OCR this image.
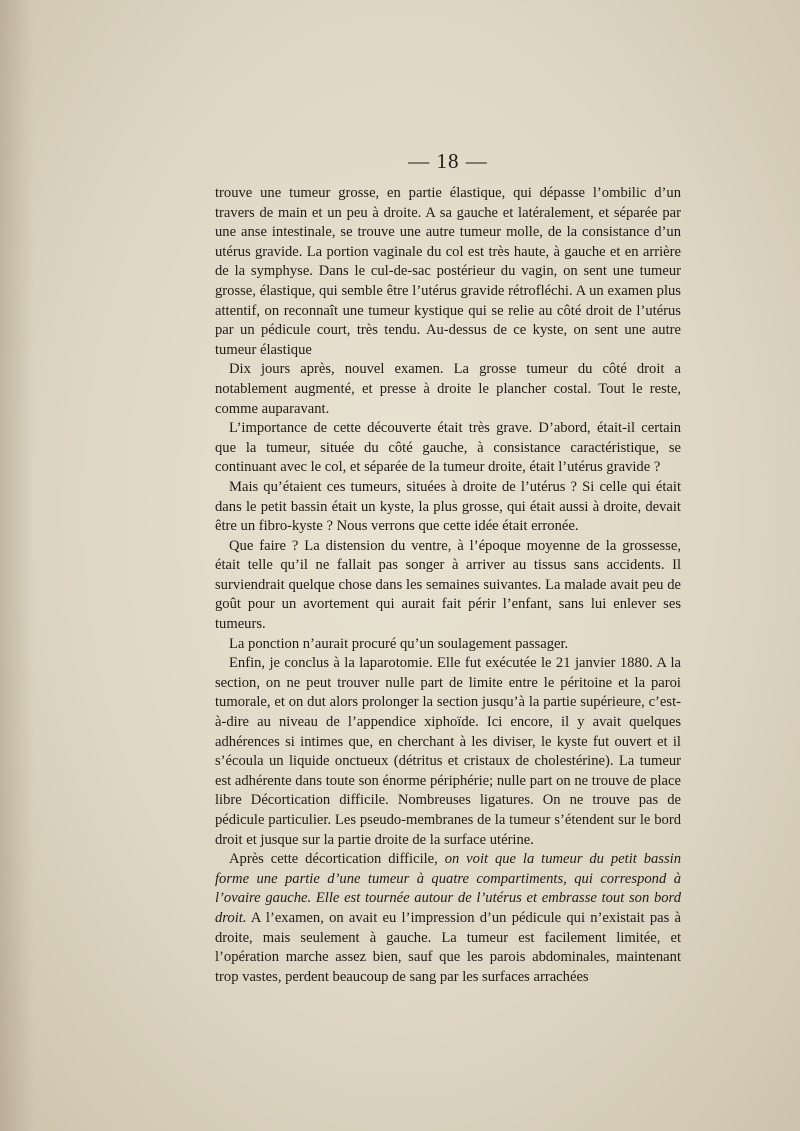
— 18 —

trouve une tumeur grosse, en partie élastique, qui dépasse l’ombilic d’un travers de main et un peu à droite. A sa gauche et latéralement, et séparée par une anse intestinale, se trouve une autre tumeur molle, de la consistance d’un utérus gravide. La portion vaginale du col est très haute, à gauche et en arrière de la symphyse. Dans le cul-de-sac postérieur du vagin, on sent une tumeur grosse, élastique, qui semble être l’utérus gravide rétrofléchi. A un examen plus attentif, on reconnaît une tumeur kystique qui se relie au côté droit de l’utérus par un pédicule court, très tendu. Au-dessus de ce kyste, on sent une autre tumeur élastique

Dix jours après, nouvel examen. La grosse tumeur du côté droit a notablement augmenté, et presse à droite le plancher costal. Tout le reste, comme auparavant.

L’importance de cette découverte était très grave. D’abord, était-il certain que la tumeur, située du côté gauche, à consistance caractéristique, se continuant avec le col, et séparée de la tumeur droite, était l’utérus gravide ?

Mais qu’étaient ces tumeurs, situées à droite de l’utérus ? Si celle qui était dans le petit bassin était un kyste, la plus grosse, qui était aussi à droite, devait être un fibro-kyste ? Nous verrons que cette idée était erronée.

Que faire ? La distension du ventre, à l’époque moyenne de la grossesse, était telle qu’il ne fallait pas songer à arriver au tissus sans accidents. Il surviendrait quelque chose dans les semaines suivantes. La malade avait peu de goût pour un avortement qui aurait fait périr l’enfant, sans lui enlever ses tumeurs.

La ponction n’aurait procuré qu’un soulagement passager.

Enfin, je conclus à la laparotomie. Elle fut exécutée le 21 janvier 1880. A la section, on ne peut trouver nulle part de limite entre le péritoine et la paroi tumorale, et on dut alors prolonger la section jusqu’à la partie supérieure, c’est-à-dire au niveau de l’appendice xiphoïde. Ici encore, il y avait quelques adhérences si intimes que, en cherchant à les diviser, le kyste fut ouvert et il s’écoula un liquide onctueux (détritus et cristaux de cholestérine). La tumeur est adhérente dans toute son énorme périphérie; nulle part on ne trouve de place libre Décortication difficile. Nombreuses ligatures. On ne trouve pas de pédicule particulier. Les pseudo-membranes de la tumeur s’étendent sur le bord droit et jusque sur la partie droite de la surface utérine.

Après cette décortication difficile, on voit que la tumeur du petit bassin forme une partie d’une tumeur à quatre compartiments, qui correspond à l’ovaire gauche. Elle est tournée autour de l’utérus et embrasse tout son bord droit. A l’examen, on avait eu l’impression d’un pédicule qui n’existait pas à droite, mais seulement à gauche. La tumeur est facilement limitée, et l’opération marche assez bien, sauf que les parois abdominales, maintenant trop vastes, perdent beaucoup de sang par les surfaces arrachées
